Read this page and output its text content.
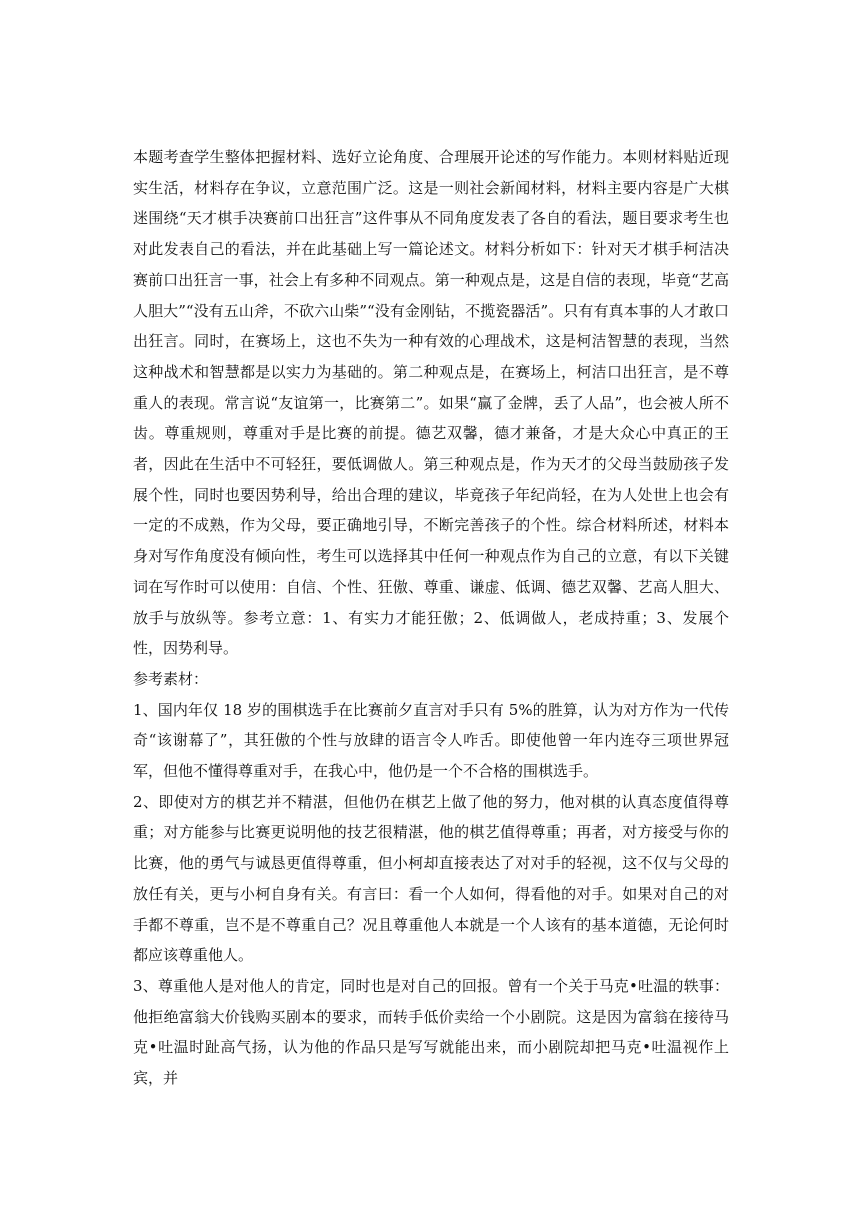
本题考查学生整体把握材料、选好立论角度、合理展开论述的写作能力。本则材料贴近现实生活，材料存在争议，立意范围广泛。这是一则社会新闻材料，材料主要内容是广大棋迷围绕“天才棋手决赛前口出狂言”这件事从不同角度发表了各自的看法，题目要求考生也对此发表自己的看法，并在此基础上写一篇论述文。材料分析如下：针对天才棋手柯洁决赛前口出狂言一事，社会上有多种不同观点。第一种观点是，这是自信的表现，毕竟“艺高人胆大”“没有五山斧，不砍六山柴”“没有金刚钻，不揽瓷器活”。只有有真本事的人才敢口出狂言。同时，在赛场上，这也不失为一种有效的心理战术，这是柯洁智慧的表现，当然这种战术和智慧都是以实力为基础的。第二种观点是，在赛场上，柯洁口出狂言，是不尊重人的表现。常言说“友谊第一，比赛第二”。如果“赢了金牌，丢了人品”，也会被人所不齿。尊重规则，尊重对手是比赛的前提。德艺双馨，德才兼备，才是大众心中真正的王者，因此在生活中不可轻狂，要低调做人。第三种观点是，作为天才的父母当鼓励孩子发展个性，同时也要因势利导，给出合理的建议，毕竟孩子年纪尚轻，在为人处世上也会有一定的不成熟，作为父母，要正确地引导，不断完善孩子的个性。综合材料所述，材料本身对写作角度没有倾向性，考生可以选择其中任何一种观点作为自己的立意，有以下关键词在写作时可以使用：自信、个性、狂傲、尊重、谦虚、低调、德艺双馨、艺高人胆大、放手与放纵等。参考立意：1、有实力才能狂傲；2、低调做人，老成持重；3、发展个性，因势利导。

参考素材：

1、国内年仅 18 岁的围棋选手在比赛前夕直言对手只有 5%的胜算，认为对方作为一代传奇“该谢幕了”，其狂傲的个性与放肆的语言令人咋舌。即使他曾一年内连夺三项世界冠军，但他不懂得尊重对手，在我心中，他仍是一个不合格的围棋选手。

2、即使对方的棋艺并不精湛，但他仍在棋艺上做了他的努力，他对棋的认真态度值得尊重；对方能参与比赛更说明他的技艺很精湛，他的棋艺值得尊重；再者，对方接受与你的比赛，他的勇气与诚恳更值得尊重，但小柯却直接表达了对对手的轻视，这不仅与父母的放任有关，更与小柯自身有关。有言曰：看一个人如何，得看他的对手。如果对自己的对手都不尊重，岂不是不尊重自己？况且尊重他人本就是一个人该有的基本道德，无论何时都应该尊重他人。

3、尊重他人是对他人的肯定，同时也是对自己的回报。曾有一个关于马克•吐温的轶事：他拒绝富翁大价钱购买剧本的要求，而转手低价卖给一个小剧院。这是因为富翁在接待马克•吐温时趾高气扬，认为他的作品只是写写就能出来，而小剧院却把马克•吐温视作上宾，并
